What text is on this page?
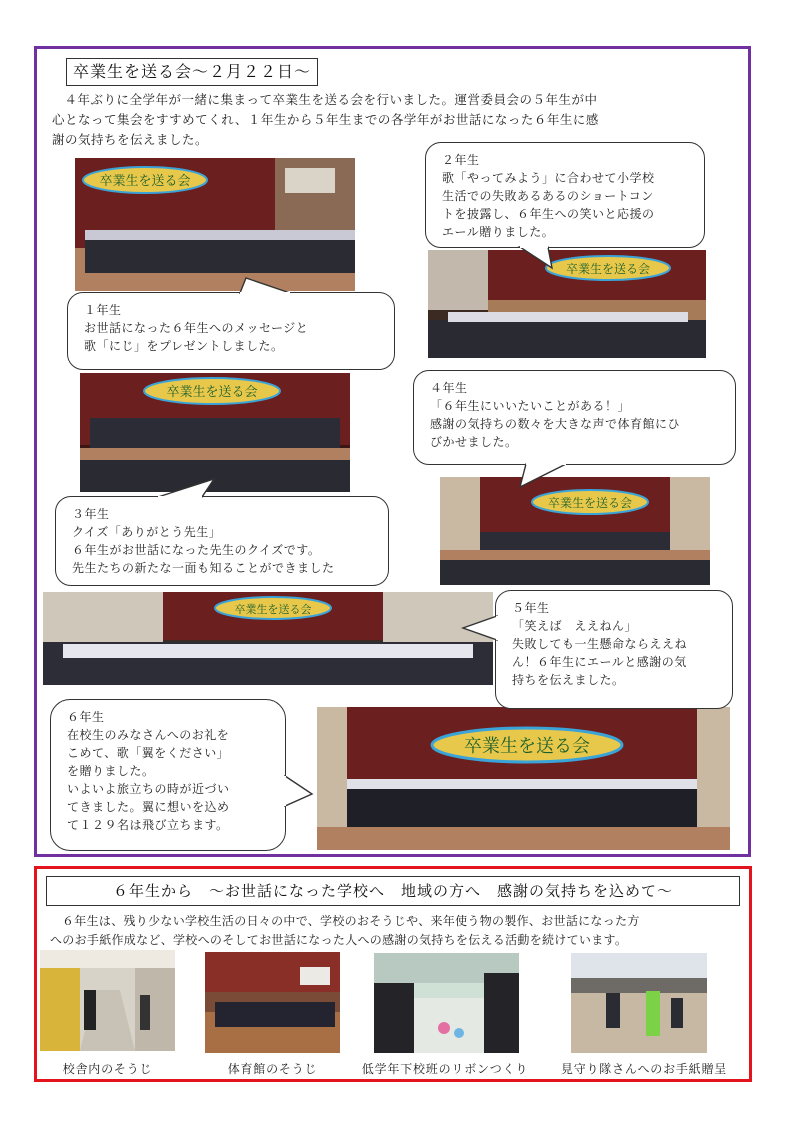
卒業生を送る会～２月２２日～

４年ぶりに全学年が一緒に集まって卒業生を送る会を行いました。運営委員会の５年生が中

心となって集会をすすめてくれ、１年生から５年生までの各学年がお世話になった６年生に感
謝の気持ちを伝えました。
卒業生を送る会
卒業生を送る会
卒業生を送る会
卒業生を送る会
卒業生を送る会
卒業生を送る会
１年生
お世話になった６年生へのメッセージと
歌「にじ」をプレゼントしました。
２年生
歌「やってみよう」に合わせて小学校
生活での失敗あるあるのショートコン
トを披露し、６年生への笑いと応援の
エール贈りました。
３年生
クイズ「ありがとう先生」
６年生がお世話になった先生のクイズです。
先生たちの新たな一面も知ることができました
４年生
「６年生にいいたいことがある！」
感謝の気持ちの数々を大きな声で体育館にひ
びかせました。
５年生
「笑えば　ええねん」
失敗しても一生懸命ならええね
ん！６年生にエールと感謝の気
持ちを伝えました。
６年生
在校生のみなさんへのお礼を
こめて、歌「翼をください」
を贈りました。
いよいよ旅立ちの時が近づい
てきました。翼に想いを込め
て１２９名は飛び立ちます。
６年生から　～お世話になった学校へ　地域の方へ　感謝の気持ちを込めて～

６年生は、残り少ない学校生活の日々の中で、学校のおそうじや、来年使う物の製作、お世話になった方

へのお手紙作成など、学校へのそしてお世話になった人への感謝の気持ちを伝える活動を続けています。
校舎内のそうじ	体育館のそうじ	低学年下校班のリボンつくり	見守り隊さんへのお手紙贈呈
